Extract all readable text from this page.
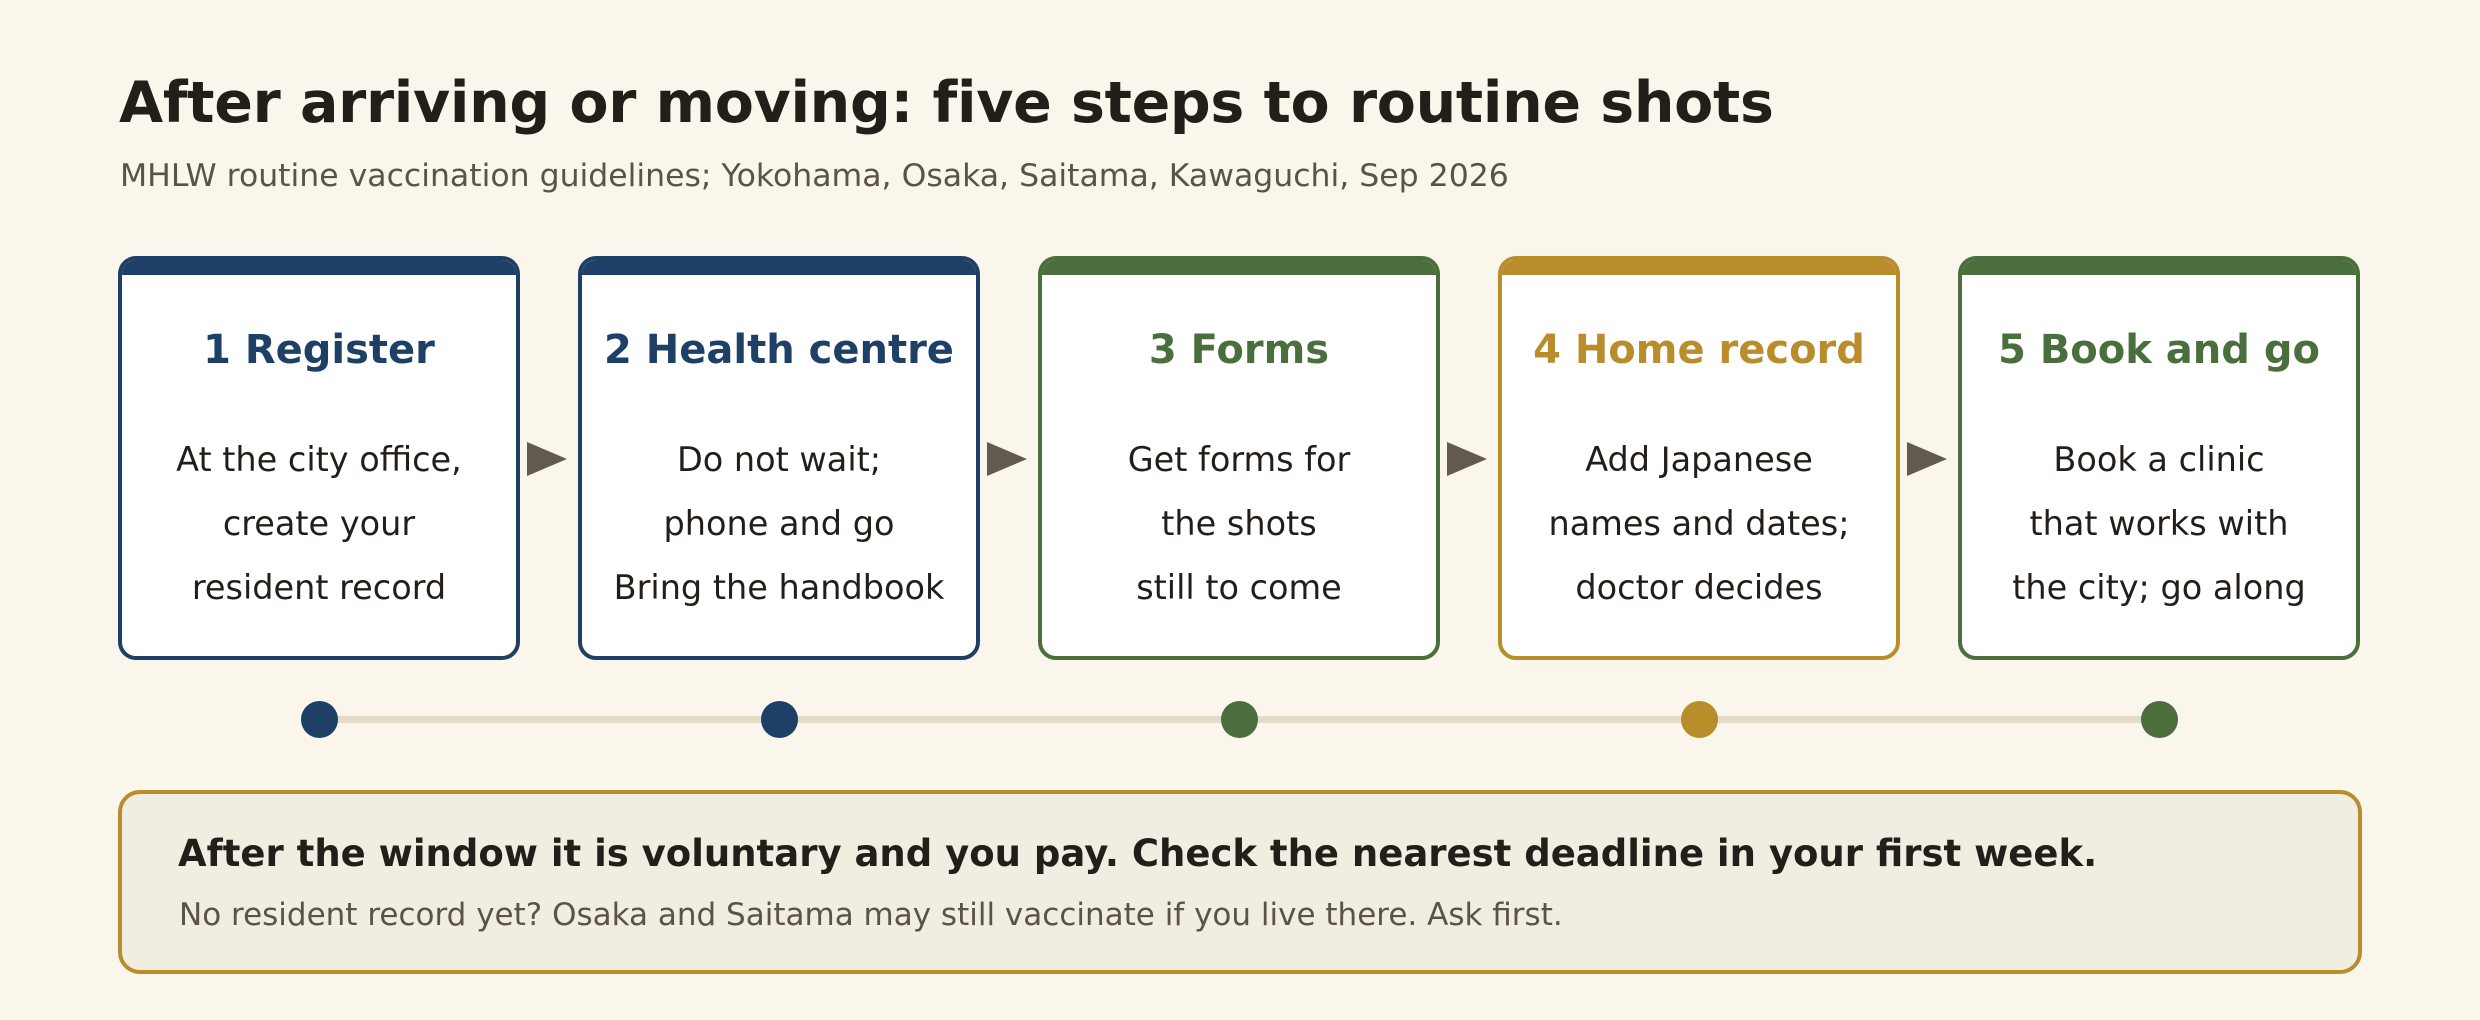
After arriving or moving: five steps to routine shots

MHLW routine vaccination guidelines; Yokohama, Osaka, Saitama, Kawaguchi, Sep 2026

1 Register
At the city office,
create your
resident record
2 Health centre
Do not wait;
phone and go
Bring the handbook
3 Forms
Get forms for
the shots
still to come
4 Home record
Add Japanese
names and dates;
doctor decides
5 Book and go
Book a clinic
that works with
the city; go along

After the window it is voluntary and you pay. Check the nearest deadline in your first week.

No resident record yet? Osaka and Saitama may still vaccinate if you live there. Ask first.
